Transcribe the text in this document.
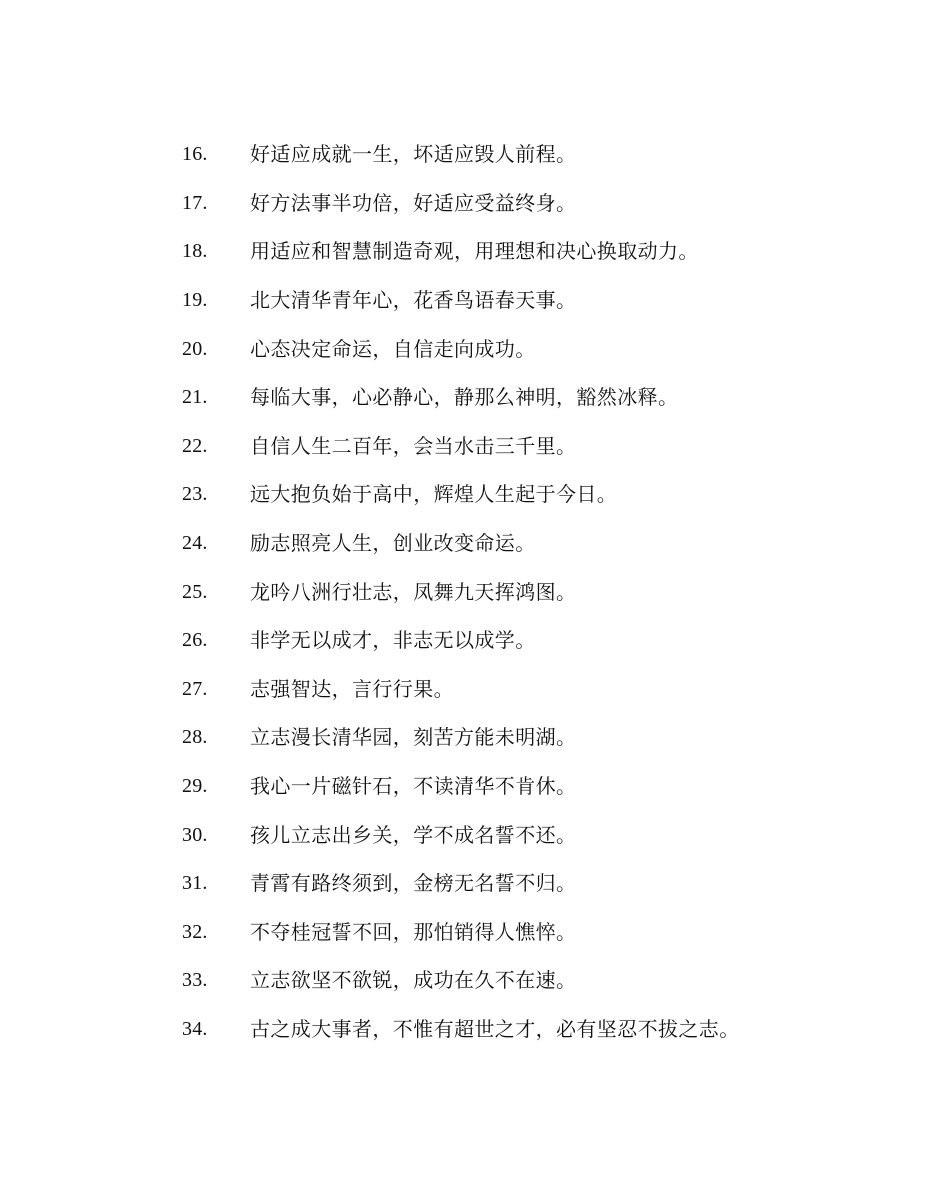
16.	好适应成就一生，坏适应毁人前程。
17.	好方法事半功倍，好适应受益终身。
18.	用适应和智慧制造奇观，用理想和决心换取动力。
19.	北大清华青年心，花香鸟语春天事。
20.	心态决定命运，自信走向成功。
21.	每临大事，心必静心，静那么神明，豁然冰释。
22.	自信人生二百年，会当水击三千里。
23.	远大抱负始于高中，辉煌人生起于今日。
24.	励志照亮人生，创业改变命运。
25.	龙吟八洲行壮志，凤舞九天挥鸿图。
26.	非学无以成才，非志无以成学。
27.	志强智达，言行行果。
28.	立志漫长清华园，刻苦方能未明湖。
29.	我心一片磁针石，不读清华不肯休。
30.	孩儿立志出乡关，学不成名誓不还。
31.	青霄有路终须到，金榜无名誓不归。
32.	不夺桂冠誓不回，那怕销得人憔悴。
33.	立志欲坚不欲锐，成功在久不在速。
34.	古之成大事者，不惟有超世之才，必有坚忍不拔之志。
